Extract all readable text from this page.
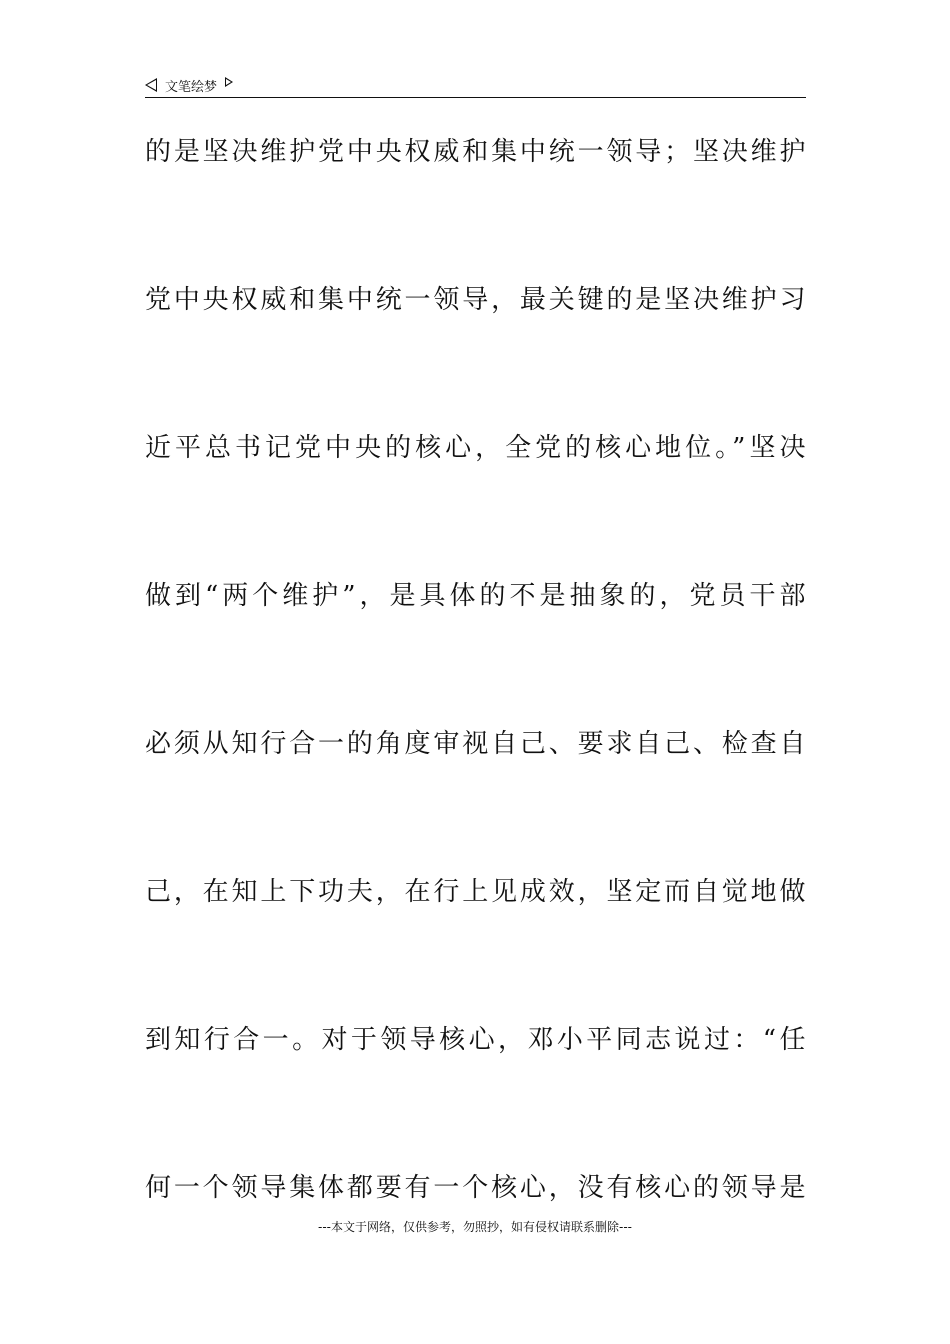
文笔绘梦
的是坚决维护党中央权威和集中统一领导；坚决维护
党中央权威和集中统一领导，最关键的是坚决维护习
近平总书记党中央的核心，全党的核心地位。”坚决
做到“两个维护”，是具体的不是抽象的，党员干部
必须从知行合一的角度审视自己、要求自己、检查自
己，在知上下功夫，在行上见成效，坚定而自觉地做
到知行合一。对于领导核心，邓小平同志说过：“任
何一个领导集体都要有一个核心，没有核心的领导是
---本文于网络，仅供参考，勿照抄，如有侵权请联系删除---
